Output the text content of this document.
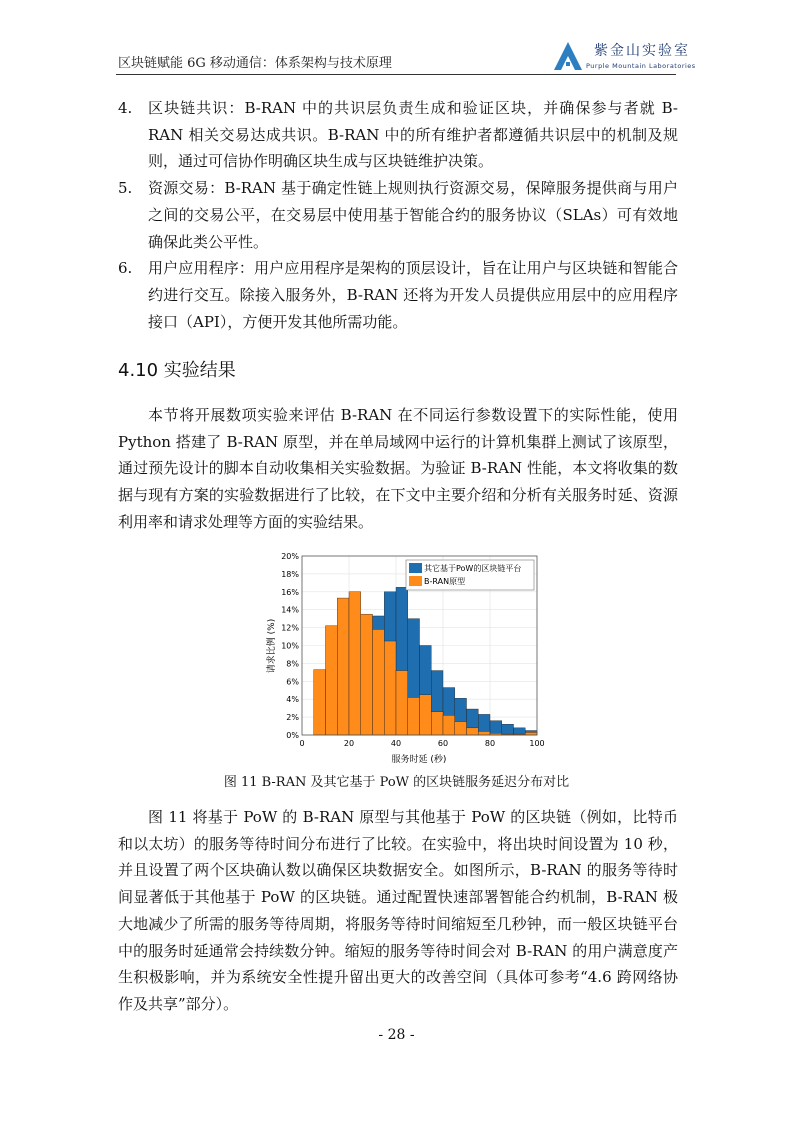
区块链赋能 6G 移动通信：体系架构与技术原理
紫金山实验室
Purple Mountain Laboratories
4. 区块链共识：B-RAN 中的共识层负责生成和验证区块，并确保参与者就 B-RAN 相关交易达成共识。B-RAN 中的所有维护者都遵循共识层中的机制及规则，通过可信协作明确区块生成与区块链维护决策。
5. 资源交易：B-RAN 基于确定性链上规则执行资源交易，保障服务提供商与用户之间的交易公平，在交易层中使用基于智能合约的服务协议（SLAs）可有效地确保此类公平性。
6. 用户应用程序：用户应用程序是架构的顶层设计，旨在让用户与区块链和智能合约进行交互。除接入服务外，B-RAN 还将为开发人员提供应用层中的应用程序接口（API），方便开发其他所需功能。
4.10 实验结果
本节将开展数项实验来评估 B-RAN 在不同运行参数设置下的实际性能，使用 Python 搭建了 B-RAN 原型，并在单局域网中运行的计算机集群上测试了该原型，通过预先设计的脚本自动收集相关实验数据。为验证 B-RAN 性能，本文将收集的数据与现有方案的实验数据进行了比较，在下文中主要介绍和分析有关服务时延、资源利用率和请求处理等方面的实验结果。
0%
2%
4%
6%
8%
10%
12%
14%
16%
18%
20%
0	20	40	60	80	100
服务时延 (秒)
请求比例 (%)
其它基于PoW的区块链平台
B-RAN原型
图 11 B-RAN 及其它基于 PoW 的区块链服务延迟分布对比
图 11 将基于 PoW 的 B-RAN 原型与其他基于 PoW 的区块链（例如，比特币和以太坊）的服务等待时间分布进行了比较。在实验中，将出块时间设置为 10 秒，并且设置了两个区块确认数以确保区块数据安全。如图所示，B-RAN 的服务等待时间显著低于其他基于 PoW 的区块链。通过配置快速部署智能合约机制，B-RAN 极大地减少了所需的服务等待周期，将服务等待时间缩短至几秒钟，而一般区块链平台中的服务时延通常会持续数分钟。缩短的服务等待时间会对 B-RAN 的用户满意度产生积极影响，并为系统安全性提升留出更大的改善空间（具体可参考“4.6 跨网络协作及共享”部分）。
- 28 -
